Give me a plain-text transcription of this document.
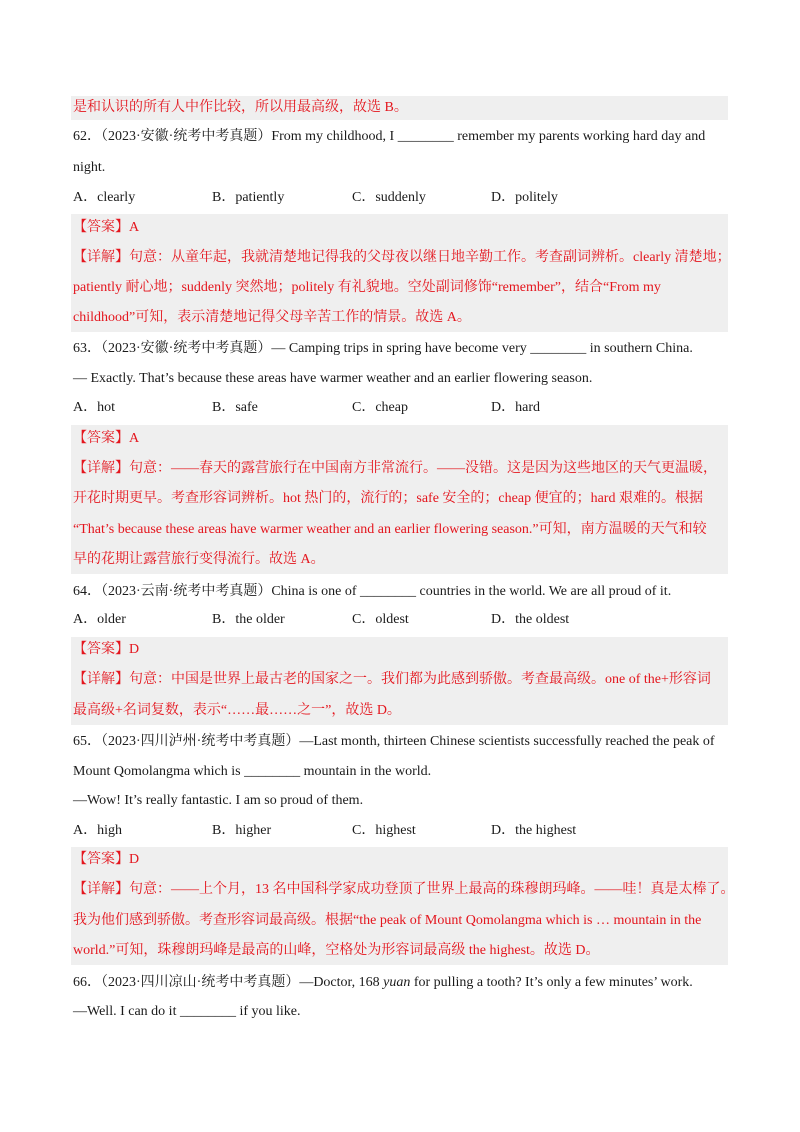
是和认识的所有人中作比较，所以用最高级，故选 B。
62．（2023·安徽·统考中考真题）From my childhood, I ________ remember my parents working hard day and
night.
A．clearly	B．patiently	C．suddenly	D．politely
【答案】A
【详解】句意：从童年起，我就清楚地记得我的父母夜以继日地辛勤工作。考查副词辨析。clearly 清楚地；
patiently 耐心地；suddenly 突然地；politely 有礼貌地。空处副词修饰“remember”，结合“From my
childhood”可知，表示清楚地记得父母辛苦工作的情景。故选 A。
63．（2023·安徽·统考中考真题）— Camping trips in spring have become very ________ in southern China.
— Exactly. That’s because these areas have warmer weather and an earlier flowering season.
A．hot	B．safe	C．cheap	D．hard
【答案】A
【详解】句意：——春天的露营旅行在中国南方非常流行。——没错。这是因为这些地区的天气更温暖，
开花时期更早。考查形容词辨析。hot 热门的，流行的；safe 安全的；cheap 便宜的；hard 艰难的。根据
“That’s because these areas have warmer weather and an earlier flowering season.”可知，南方温暖的天气和较
早的花期让露营旅行变得流行。故选 A。
64．（2023·云南·统考中考真题）China is one of ________ countries in the world. We are all proud of it.
A．older	B．the older	C．oldest	D．the oldest
【答案】D
【详解】句意：中国是世界上最古老的国家之一。我们都为此感到骄傲。考查最高级。one of the+形容词
最高级+名词复数，表示“……最……之一”，故选 D。
65．（2023·四川泸州·统考中考真题）—Last month, thirteen Chinese scientists successfully reached the peak of
Mount Qomolangma which is ________ mountain in the world.
—Wow! It’s really fantastic. I am so proud of them.
A．high	B．higher	C．highest	D．the highest
【答案】D
【详解】句意：——上个月，13 名中国科学家成功登顶了世界上最高的珠穆朗玛峰。——哇！真是太棒了。
我为他们感到骄傲。考查形容词最高级。根据“the peak of Mount Qomolangma which is … mountain in the
world.”可知，珠穆朗玛峰是最高的山峰，空格处为形容词最高级 the highest。故选 D。
66．（2023·四川凉山·统考中考真题）—Doctor, 168 yuan for pulling a tooth? It’s only a few minutes’ work.
—Well. I can do it ________ if you like.
